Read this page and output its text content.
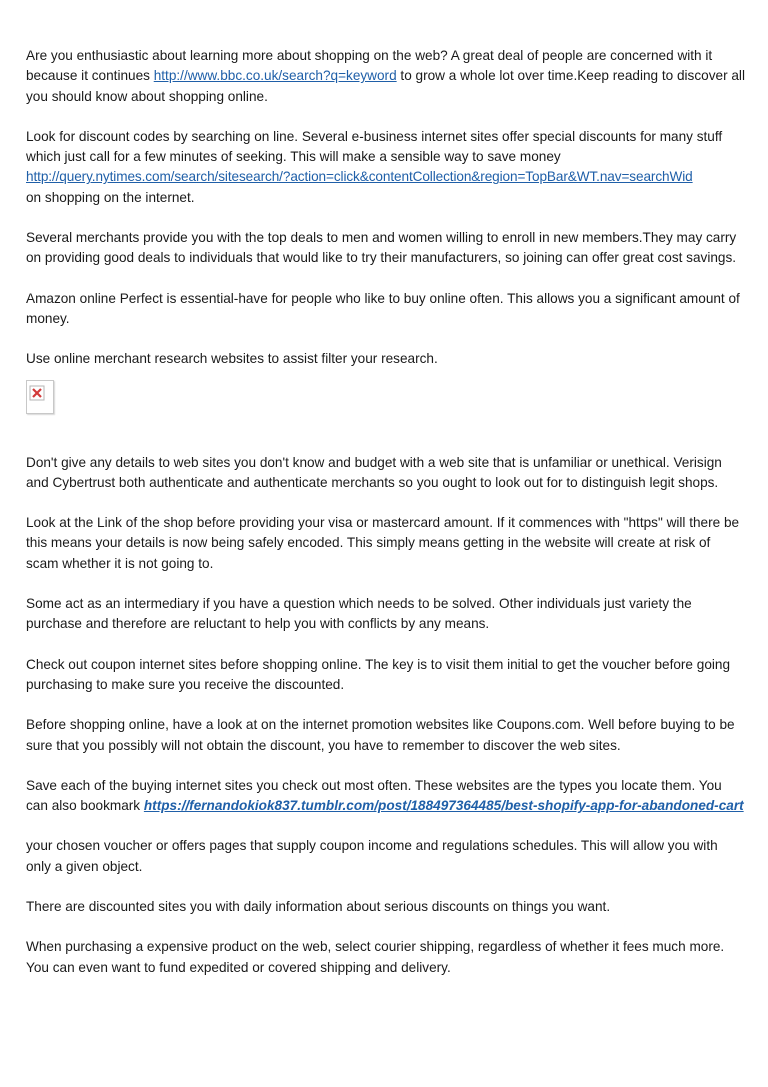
Are you enthusiastic about learning more about shopping on the web? A great deal of people are concerned with it because it continues http://www.bbc.co.uk/search?q=keyword to grow a whole lot over time.Keep reading to discover all you should know about shopping online.

Look for discount codes by searching on line. Several e-business internet sites offer special discounts for many stuff which just call for a few minutes of seeking. This will make a sensible way to save money
http://query.nytimes.com/search/sitesearch/?action=click&contentCollection&region=TopBar&WT.nav=searchWid
on shopping on the internet.

Several merchants provide you with the top deals to men and women willing to enroll in new members.They may carry on providing good deals to individuals that would like to try their manufacturers, so joining can offer great cost savings.

Amazon online Perfect is essential-have for people who like to buy online often. This allows you a significant amount of money.

Use online merchant research websites to assist filter your research.

Don't give any details to web sites you don't know and budget with a web site that is unfamiliar or unethical. Verisign and Cybertrust both authenticate and authenticate merchants so you ought to look out for to distinguish legit shops.

Look at the Link of the shop before providing your visa or mastercard amount. If it commences with "https" will there be this means your details is now being safely encoded. This simply means getting in the website will create at risk of scam whether it is not going to.

Some act as an intermediary if you have a question which needs to be solved. Other individuals just variety the purchase and therefore are reluctant to help you with conflicts by any means.

Check out coupon internet sites before shopping online. The key is to visit them initial to get the voucher before going purchasing to make sure you receive the discounted.

Before shopping online, have a look at on the internet promotion websites like Coupons.com. Well before buying to be sure that you possibly will not obtain the discount, you have to remember to discover the web sites.

Save each of the buying internet sites you check out most often. These websites are the types you locate them. You can also bookmark https://fernandokiok837.tumblr.com/post/188497364485/best-shopify-app-for-abandoned-cart

your chosen voucher or offers pages that supply coupon income and regulations schedules. This will allow you with only a given object.

There are discounted sites you with daily information about serious discounts on things you want.

When purchasing a expensive product on the web, select courier shipping, regardless of whether it fees much more. You can even want to fund expedited or covered shipping and delivery.
